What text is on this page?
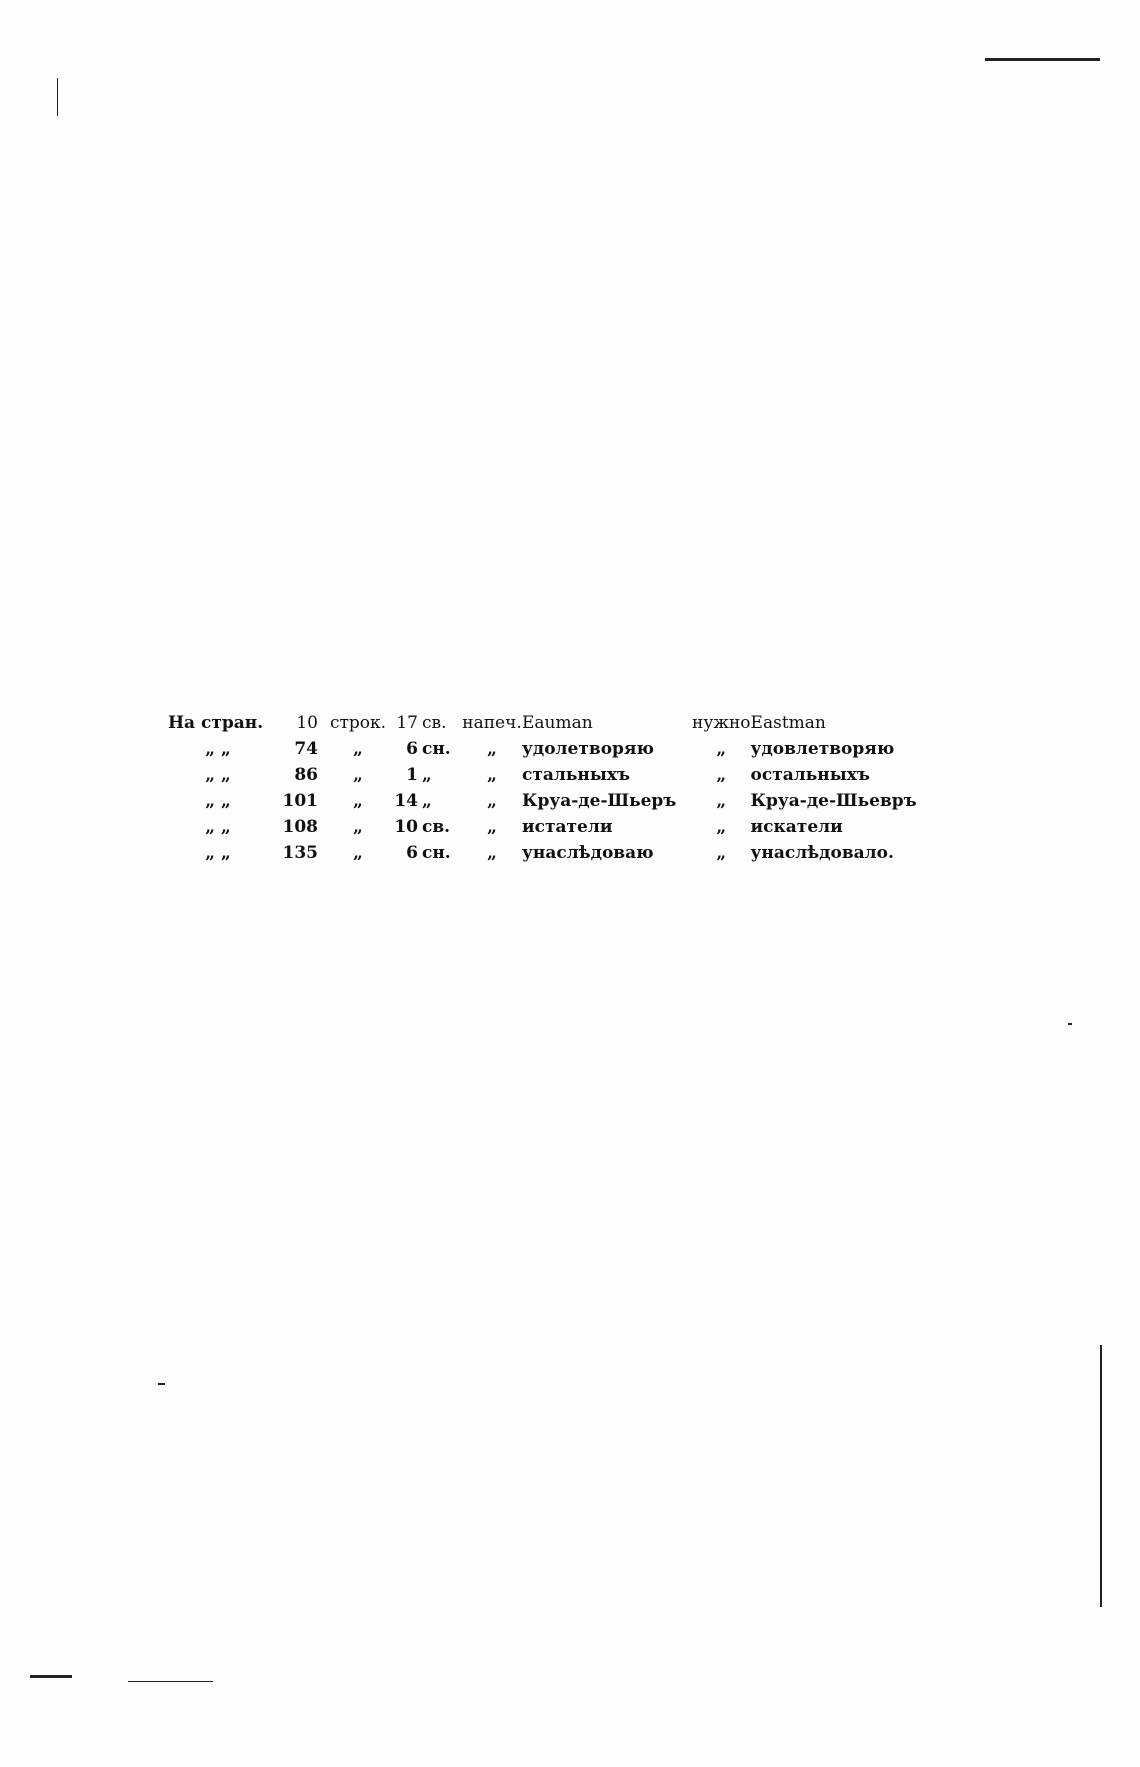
На стран.	10	строк.	17	св.	напеч.	Eauman	нужно	Eastman
„ „	74	„	6	сн.	„	удолетворяю	„	удовлетворяю
„ „	86	„	1	„	„	стальныхъ	„	остальныхъ
„ „	101	„	14	„	„	Круа-де-Шьеръ	„	Круа-де-Шьевръ
„ „	108	„	10	св.	„	истатели	„	искатели
„ „	135	„	6	сн.	„	унаслѣдоваю	„	унаслѣдовало.
